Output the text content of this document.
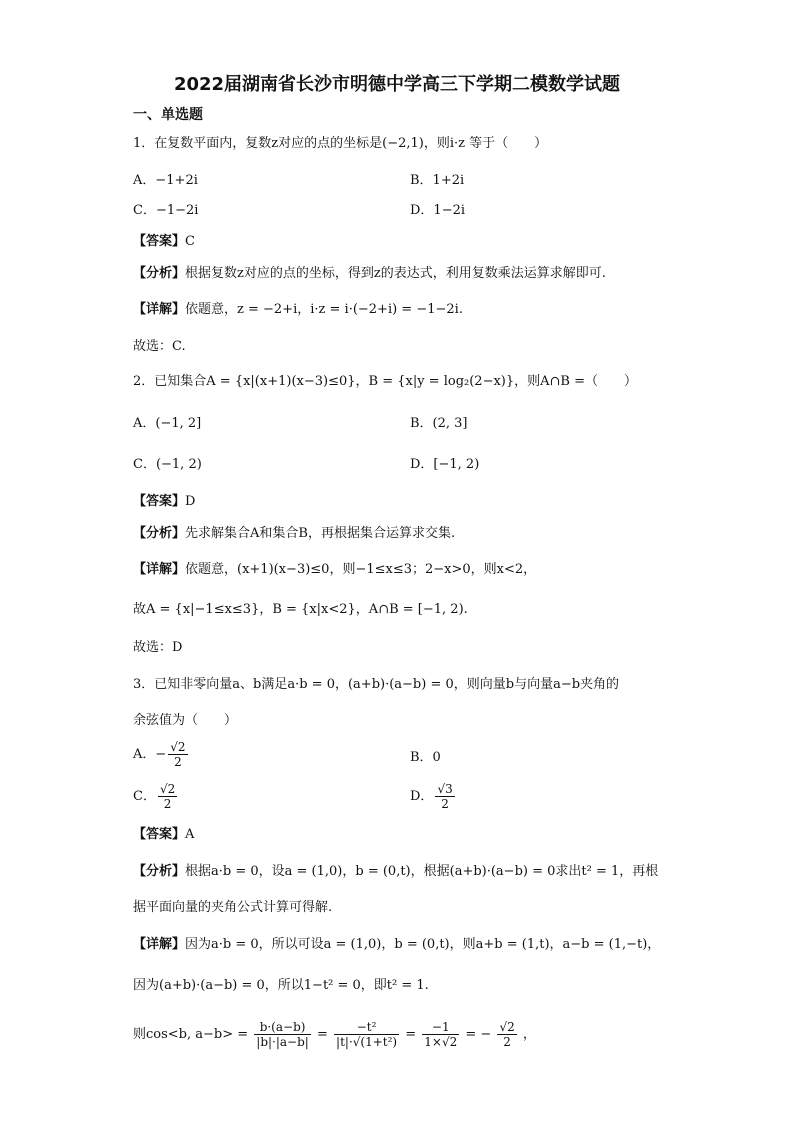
2022届湖南省长沙市明德中学高三下学期二模数学试题
一、单选题
1．在复数平面内，复数z对应的点的坐标是(−2,1)，则i·z 等于（　　）
A．−1+2i	B．1+2i
C．−1−2i	D．1−2i
【答案】C
【分析】根据复数z对应的点的坐标，得到z的表达式，利用复数乘法运算求解即可.
【详解】依题意，z = −2+i，i·z = i·(−2+i) = −1−2i.
故选：C.
2．已知集合A = {x|(x+1)(x−3)≤0}，B = {x|y = log₂(2−x)}，则A∩B =（　　）
A．(−1, 2]	B．(2, 3]
C．(−1, 2)	D．[−1, 2)
【答案】D
【分析】先求解集合A和集合B，再根据集合运算求交集.
【详解】依题意，(x+1)(x−3)≤0，则−1≤x≤3；2−x>0，则x<2，
故A = {x|−1≤x≤3}，B = {x|x<2}，A∩B = [−1, 2).
故选：D
3．已知非零向量a、b满足a·b = 0，(a+b)·(a−b) = 0，则向量b与向量a−b夹角的
余弦值为（　　）
A．− $\frac{√2}{2}$	B．0
C． $\frac{√2}{2}$	D． $\frac{√3}{2}$
【答案】A
【分析】根据a·b = 0，设a = (1,0)，b = (0,t)，根据(a+b)·(a−b) = 0求出t² = 1，再根
据平面向量的夹角公式计算可得解.
【详解】因为a·b = 0，所以可设a = (1,0)，b = (0,t)，则a+b = (1,t)，a−b = (1,−t)，
因为(a+b)·(a−b) = 0，所以1−t² = 0，即t² = 1.
则cos<b, $a-b> = \frac{b\cdot(a-b)}{|b|\cdot|a-b|} = \frac{\text{−t²}}{\text{|t|·√(1+t²)}} = \frac{-1}{1\times√2}$ = − $\frac{√2}{2}$ ，
